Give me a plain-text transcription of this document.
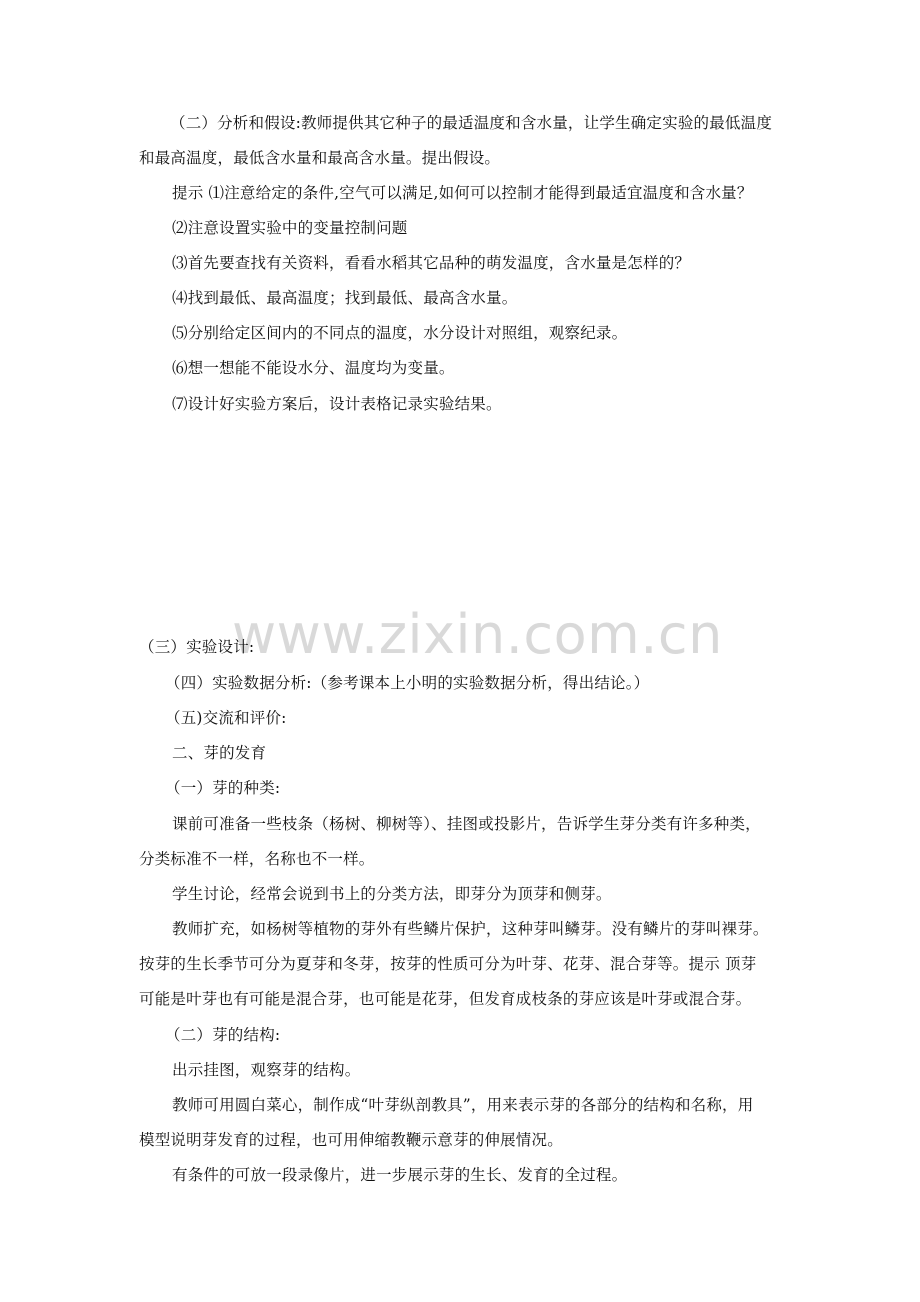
www.zixin.com.cn
（二）分析和假设:教师提供其它种子的最适温度和含水量，让学生确定实验的最低温度
和最高温度，最低含水量和最高含水量。提出假设。
提示 ⑴注意给定的条件,空气可以满足,如何可以控制才能得到最适宜温度和含水量？
⑵注意设置实验中的变量控制问题
⑶首先要查找有关资料，看看水稻其它品种的萌发温度，含水量是怎样的？
⑷找到最低、最高温度；找到最低、最高含水量。
⑸分别给定区间内的不同点的温度，水分设计对照组，观察纪录。
⑹想一想能不能设水分、温度均为变量。
⑺设计好实验方案后，设计表格记录实验结果。
（三）实验设计:
（四）实验数据分析:（参考课本上小明的实验数据分析，得出结论。）
（五)交流和评价:
二、芽的发育
（一）芽的种类:
课前可准备一些枝条（杨树、柳树等）、挂图或投影片，告诉学生芽分类有许多种类，
分类标准不一样，名称也不一样。
学生讨论，经常会说到书上的分类方法，即芽分为顶芽和侧芽。
教师扩充，如杨树等植物的芽外有些鳞片保护，这种芽叫鳞芽。没有鳞片的芽叫裸芽。
按芽的生长季节可分为夏芽和冬芽，按芽的性质可分为叶芽、花芽、混合芽等。提示 顶芽
可能是叶芽也有可能是混合芽，也可能是花芽，但发育成枝条的芽应该是叶芽或混合芽。
（二）芽的结构:
出示挂图，观察芽的结构。
教师可用圆白菜心，制作成“叶芽纵剖教具”，用来表示芽的各部分的结构和名称，用
模型说明芽发育的过程，也可用伸缩教鞭示意芽的伸展情况。
有条件的可放一段录像片，进一步展示芽的生长、发育的全过程。
